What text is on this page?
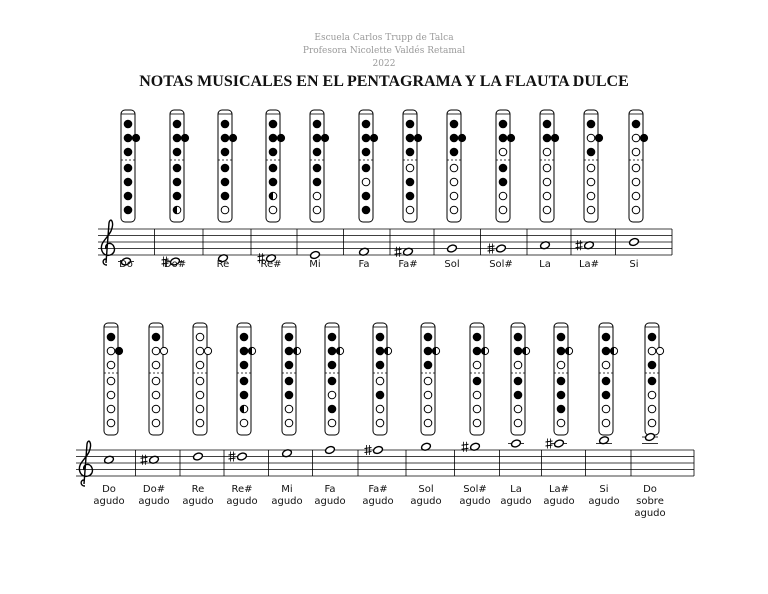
Escuela Carlos Trupp de Talca
Profesora Nicolette Valdés Retamal
2022
NOTAS MUSICALES EN EL PENTAGRAMA Y LA FLAUTA DULCE
Do	Do#	Re	Re#	Mi	Fa	Fa#	Sol	Sol#	La	La#	Si
Do
agudo
Do#
agudo
Re
agudo
Re#
agudo
Mi
agudo
Fa
agudo
Fa#
agudo
Sol
agudo
Sol#
agudo
La
agudo
La#
agudo
Si
agudo
Do
sobre
agudo
